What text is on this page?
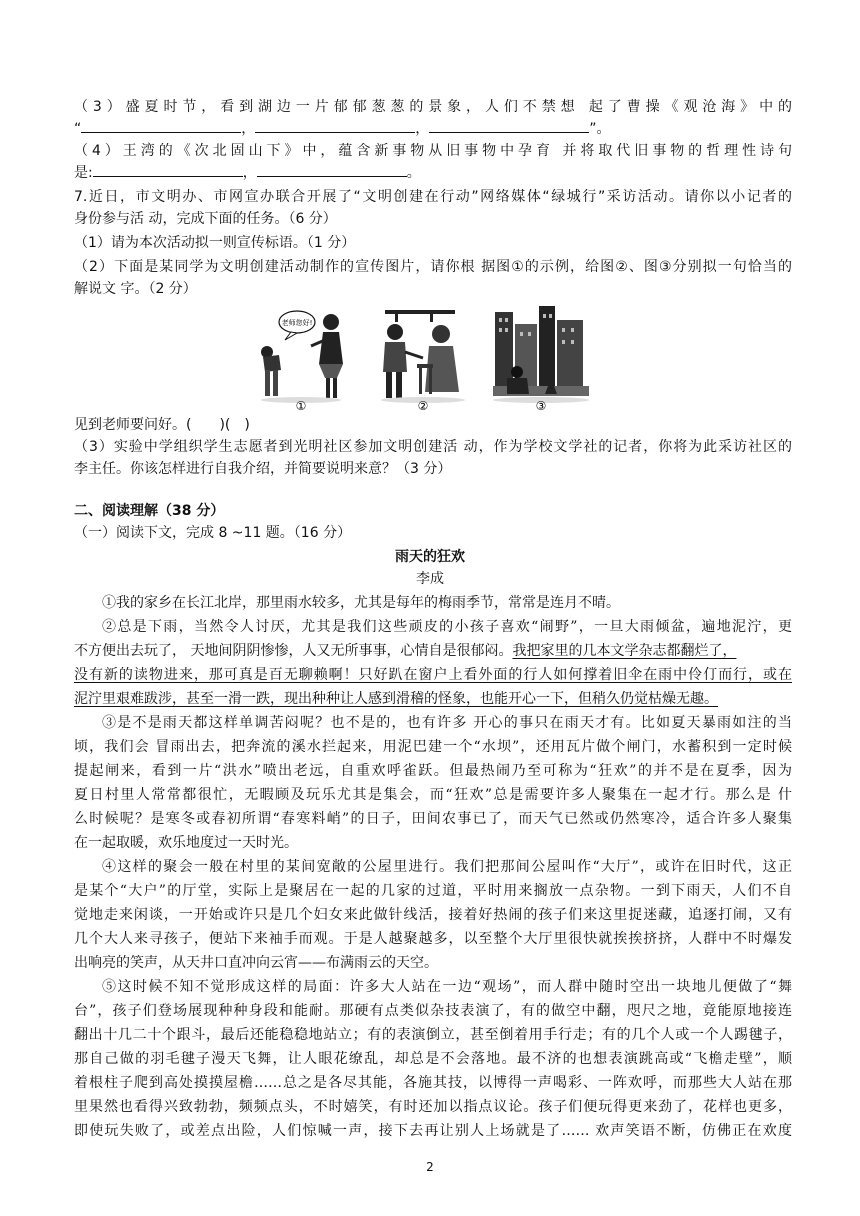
（3）盛夏时节，看到湖边一片郁郁葱葱的景象，人们不禁想 起了曹操《观沧海》中的
“	，	，	”。
（4）王湾的《次北固山下》中，蕴含新事物从旧事物中孕育 并将取代旧事物的哲理性诗句
是:	，	。
7.近日，市文明办、市网宣办联合开展了“文明创建在行动”网络媒体“绿城行”采访活动。请你以小记者的
身份参与活 动，完成下面的任务。（6 分）
（1）请为本次活动拟一则宣传标语。（1 分）
（2）下面是某同学为文明创建活动制作的宣传图片，请你根 据图①的示例，给图②、图③分别拟一句恰当的
解说文 字。（2 分）
老师您好!
①	②	③
见到老师要问好。(　　)(　)
（3）实验中学组织学生志愿者到光明社区参加文明创建活 动，作为学校文学社的记者，你将为此采访社区的
李主任。你该怎样进行自我介绍，并简要说明来意？（3 分）
二、阅读理解（38 分）
（一）阅读下文，完成 8 ~11 题。（16 分）
雨天的狂欢
李成
①我的家乡在长江北岸，那里雨水较多，尤其是每年的梅雨季节，常常是连月不晴。
②总是下雨，当然令人讨厌，尤其是我们这些顽皮的小孩子喜欢“闹野”，一旦大雨倾盆，遍地泥泞，更
不方便出去玩了， 天地间阴阴惨惨，人又无所事事，心情自是很郁闷。我把家里的几本文学杂志都翻烂了，
没有新的读物进来，那可真是百无聊赖啊！只好趴在窗户上看外面的行人如何撑着旧伞在雨中伶仃而行，或在
泥泞里艰难跋涉，甚至一滑一跌，现出种种让人感到滑稽的怪象，也能开心一下，但稍久仍觉枯燥无趣。
③是不是雨天都这样单调苦闷呢？也不是的，也有许多 开心的事只在雨天才有。比如夏天暴雨如注的当
顷，我们会 冒雨出去，把奔流的溪水拦起来，用泥巴建一个“水坝”，还用瓦片做个闸门，水蓄积到一定时候
提起闸来，看到一片“洪水”喷出老远，自重欢呼雀跃。但最热闹乃至可称为“狂欢”的并不是在夏季，因为
夏日村里人常常都很忙，无暇顾及玩乐尤其是集会，而“狂欢”总是需要许多人聚集在一起才行。那么是 什
么时候呢？是寒冬或春初所谓“春寒料峭”的日子，田间农事已了，而天气已然或仍然寒冷，适合许多人聚集
在一起取暖，欢乐地度过一天时光。
④这样的聚会一般在村里的某间宽敞的公屋里进行。我们把那间公屋叫作“大厅”，或许在旧时代，这正
是某个“大户”的厅堂，实际上是聚居在一起的几家的过道，平时用来搁放一点杂物。一到下雨天，人们不自
觉地走来闲谈，一开始或许只是几个妇女来此做针线活，接着好热闹的孩子们来这里捉迷藏，追逐打闹，又有
几个大人来寻孩子，便站下来袖手而观。于是人越聚越多，以至整个大厅里很快就挨挨挤挤，人群中不时爆发
出响亮的笑声，从天井口直冲向云宵——布满雨云的天空。
⑤这时候不知不觉形成这样的局面：许多大人站在一边“观场”，而人群中随时空出一块地儿便做了“舞
台”，孩子们登场展现种种身段和能耐。那硬有点类似杂技表演了，有的做空中翻，咫尺之地，竟能原地接连
翻出十几二十个跟斗，最后还能稳稳地站立；有的表演倒立，甚至倒着用手行走；有的几个人或一个人踢毽子，
那自己做的羽毛毽子漫天飞舞，让人眼花缭乱，却总是不会落地。最不济的也想表演跳高或“飞檐走壁”，顺
着根柱子爬到高处摸摸屋檐……总之是各尽其能，各施其技，以博得一声喝彩、一阵欢呼，而那些大人站在那
里果然也看得兴致勃勃，频频点头，不时嬉笑，有时还加以指点议论。孩子们便玩得更来劲了，花样也更多，
即使玩失败了，或差点出险，人们惊喊一声，接下去再让别人上场就是了…… 欢声笑语不断，仿佛正在欢度
2
